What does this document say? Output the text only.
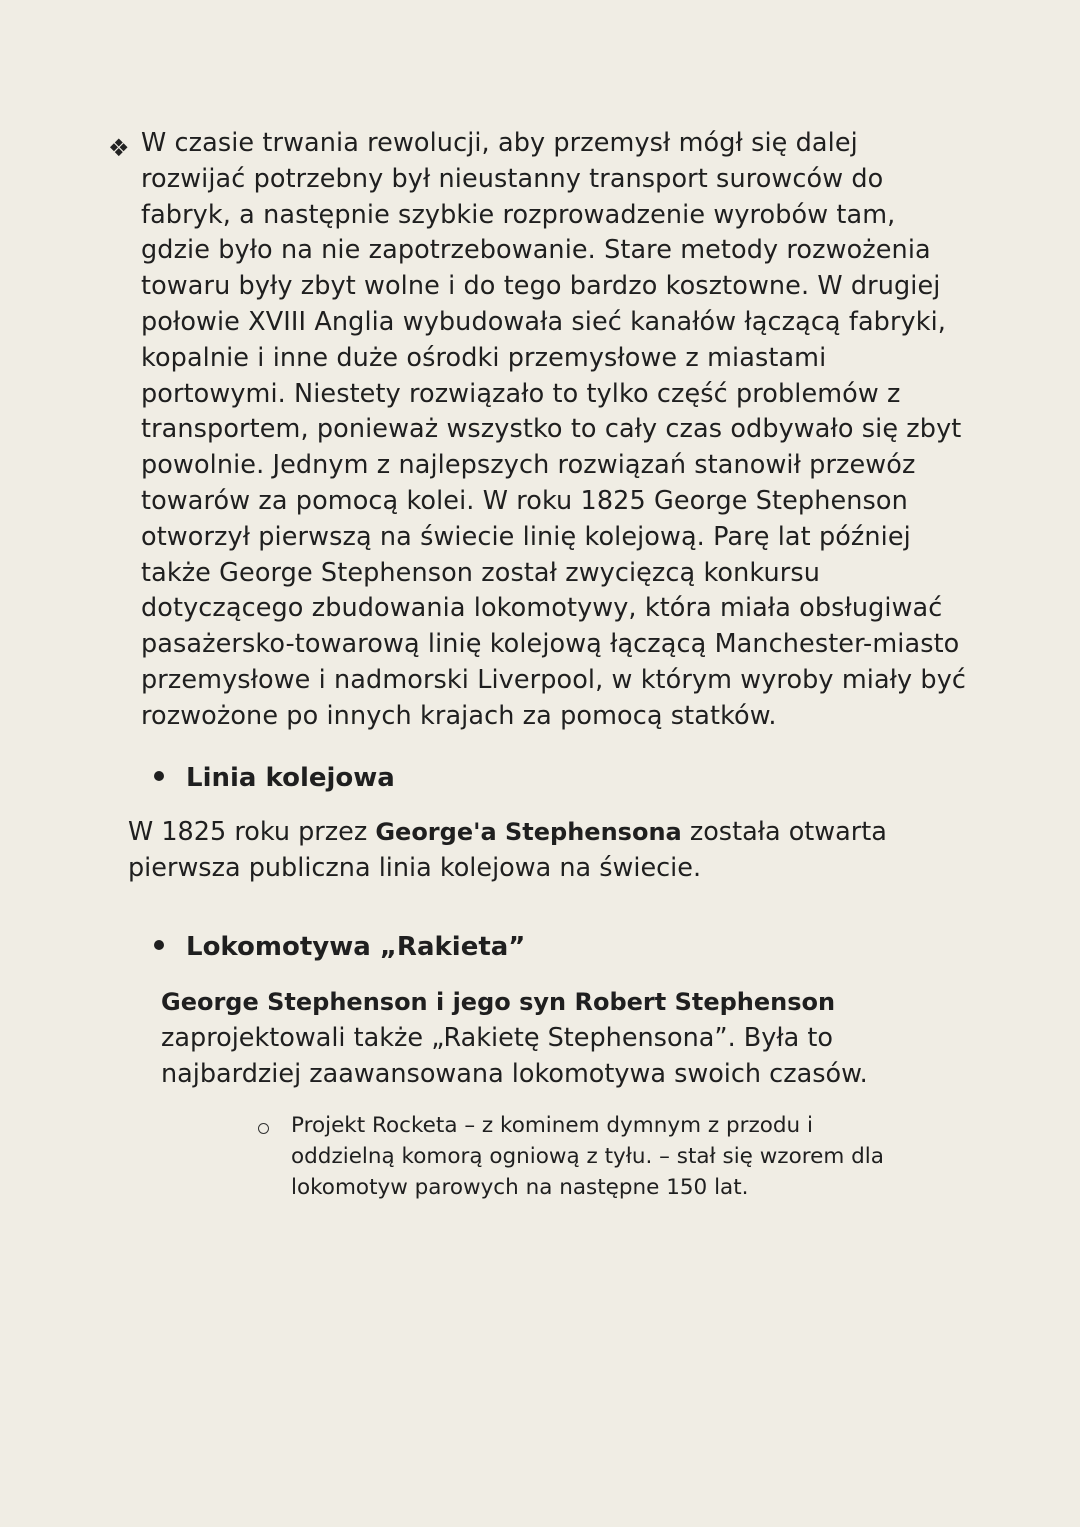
❖ W czasie trwania rewolucji, aby przemysł mógł się dalej rozwijać potrzebny był nieustanny transport surowców do fabryk, a następnie szybkie rozprowadzenie wyrobów tam, gdzie było na nie zapotrzebowanie. Stare metody rozwożenia towaru były zbyt wolne i do tego bardzo kosztowne. W drugiej połowie XVIII Anglia wybudowała sieć kanałów łączącą fabryki, kopalnie i inne duże ośrodki przemysłowe z miastami portowymi. Niestety rozwiązało to tylko część problemów z transportem, ponieważ wszystko to cały czas odbywało się zbyt powolnie. Jednym z najlepszych rozwiązań stanowił przewóz towarów za pomocą kolei. W roku 1825 George Stephenson otworzył pierwszą na świecie linię kolejową. Parę lat później także George Stephenson został zwycięzcą konkursu dotyczącego zbudowania lokomotywy, która miała obsługiwać pasażersko-towarową linię kolejową łączącą Manchester-miasto przemysłowe i nadmorski Liverpool, w którym wyroby miały być rozwożone po innych krajach za pomocą statków.
Linia kolejowa
W 1825 roku przez George'a Stephensona została otwarta pierwsza publiczna linia kolejowa na świecie.
Lokomotywa „Rakieta”
George Stephenson i jego syn Robert Stephenson zaprojektowali także „Rakietę Stephensona”. Była to najbardziej zaawansowana lokomotywa swoich czasów.
Projekt Rocketa – z kominem dymnym z przodu i oddzielną komorą ogniową z tyłu. – stał się wzorem dla lokomotyw parowych na następne 150 lat.
